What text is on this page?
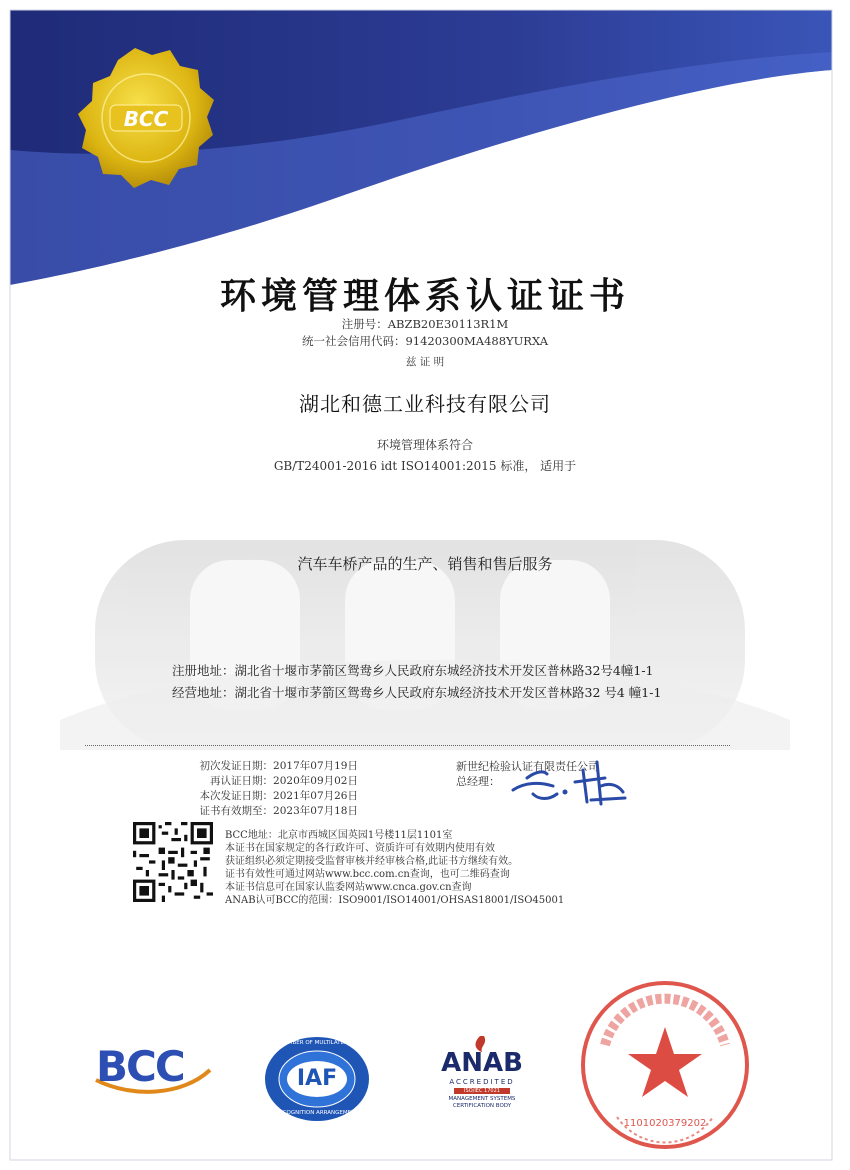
BCC
环境管理体系认证证书
注册号：ABZB20E30113R1M
统一社会信用代码：91420300MA488YURXA
兹 证 明
湖北和德工业科技有限公司
环境管理体系符合
GB/T24001-2016 idt ISO14001:2015 标准， 适用于
汽车车桥产品的生产、销售和售后服务
注册地址：湖北省十堰市茅箭区鸳鸯乡人民政府东城经济技术开发区普林路32号4幢1-1
经营地址：湖北省十堰市茅箭区鸳鸯乡人民政府东城经济技术开发区普林路32 号4 幢1-1
初次发证日期：2017年07月19日
再认证日期：2020年09月02日
本次发证日期：2021年07月26日
证书有效期至：2023年07月18日
新世纪检验认证有限责任公司
总经理：
BCC地址：北京市西城区国英园1号楼11层1101室
本证书在国家规定的各行政许可、资质许可有效期内使用有效
获证组织必须定期接受监督审核并经审核合格,此证书方继续有效。
证书有效性可通过网站www.bcc.com.cn查询，也可二维码查询
本证书信息可在国家认监委网站www.cnca.gov.cn查询
ANAB认可BCC的范围：ISO9001/ISO14001/OHSAS18001/ISO45001
BCC	MEMBER OF MULTILATERAL
IAF
RECOGNITION ARRANGEMENT
ANAB
ACCREDITED
ISO/IEC 17021
MANAGEMENT SYSTEMS
CERTIFICATION BODY
1101020379202
